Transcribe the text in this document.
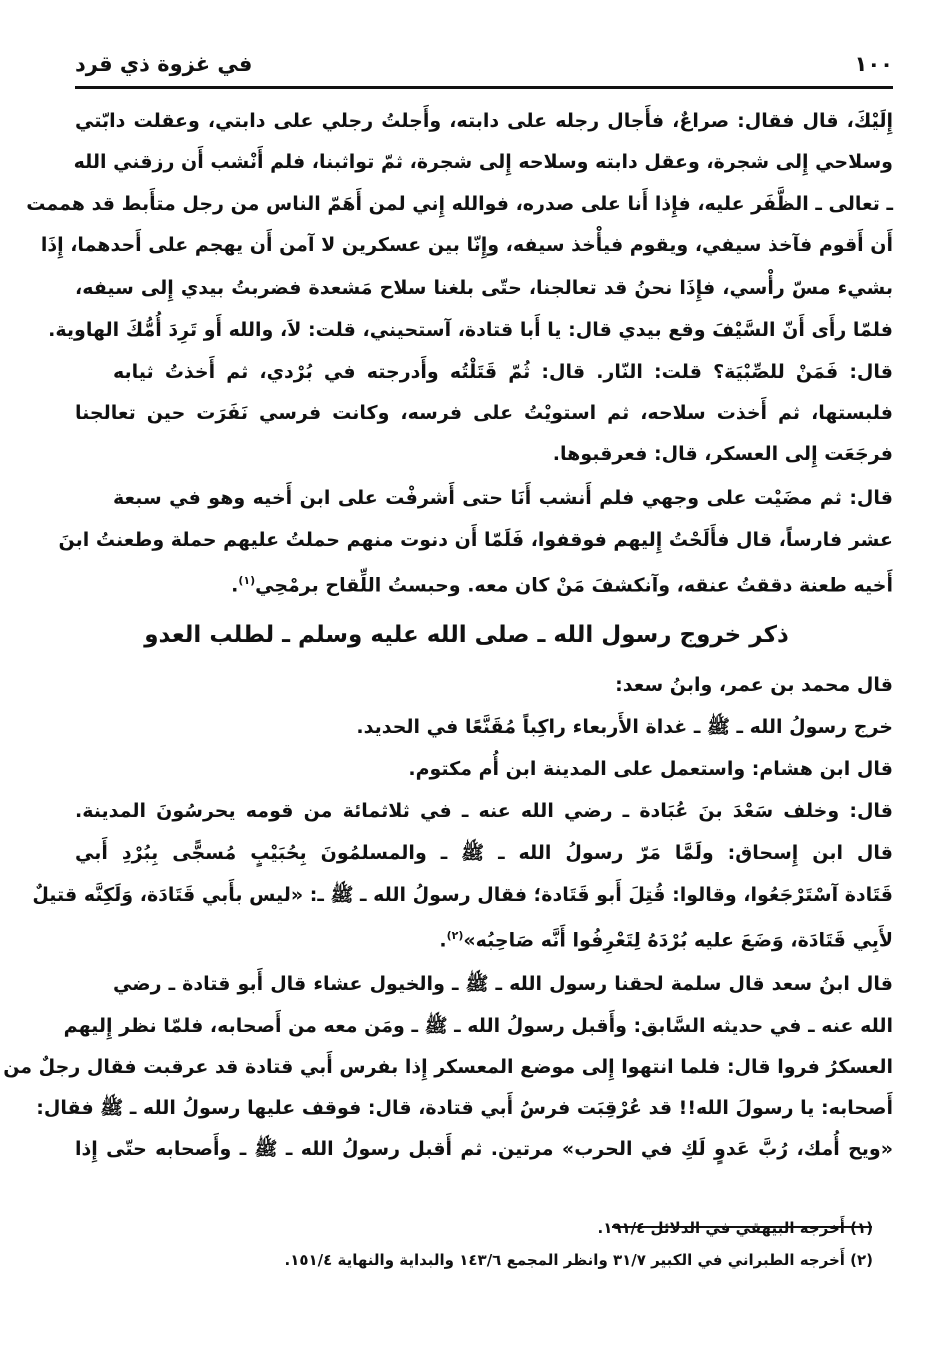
في غزوة ذي قرد	١٠٠
إِلَيْكَ، قال فقال: صراعٌ، فأَجال رجله على دابته، وأَجلتُ رجلي على دابتي، وعقلت دابّتي
وسلاحي إِلى شجرة، وعقل دابته وسلاحه إِلى شجرة، ثمّ تواثبنا، فلم أَنْشب أَن رزقني الله
ـ تعالى ـ الظَّفَر عليه، فإِذا أَنا على صدره، فوالله إِني لمن أَهَمّ الناس من رجل متأَبط قد هممت
أَن أَقوم فآخذ سيفي، ويقوم فيأْخذ سيفه، وإِنّا بين عسكرين لا آمن أَن يهجم على أَحدهما، إِذَا
بشيء مسّ رأْسي، فإِذَا نحنُ قد تعالجنا، حتّى بلغنا سلاح مَشعدة فضربتُ بيدي إِلى سيفه،
فلمّا رأَى أَنّ السَّيْفَ وقع بيدي قال: يا أَبا قتادة، آستحيني، قلت: لاَ، والله أَو تَرِدَ أُمُّكَ الهاوية.
قال: فَمَنْ للصِّبْيَة؟ قلت: النّار. قال: ثُمّ قَتَلْتُه وأَدرجته في بُرْدي، ثم أَخذتُ ثيابه
فلبستها، ثم أَخذت سلاحه، ثم استويْتُ على فرسه، وكانت فرسي نَفَرَت حين تعالجنا
فرجَعَت إِلى العسكر، قال: فعرقبوها.
قال: ثم مضَيْت على وجهي فلم أَنشب أَنَا حتى أَشرفْت على ابن أَخيه وهو في سبعة
عشر فارساً، قال فأَلَحْتُ إِليهم فوقفوا، فَلَمّا أَن دنوت منهم حملتُ عليهم حملة وطعنتُ ابنَ
أَخيه طعنة دققتُ عنقه، وآنكشفَ مَنْ كان معه. وحبستُ اللِّقاح برمْحِي$^{(١)}$.
ذكر خروج رسول الله ـ صلى الله عليه وسلم ـ لطلب العدو
قال محمد بن عمر، وابنُ سعد:
خرج رسولُ الله ـ ﷺ ـ غداة الأَربعاء راكِباً مُقَنَّعًا في الحديد.
قال ابن هشام: واستعمل على المدينة ابن أُم مكتوم.
قال: وخلف سَعْدَ بنَ عُبَادة ـ رضي الله عنه ـ في ثلاثمائة من قومه يحرسُونَ المدينة.
قال ابن إِسحاق: ولَمَّا مَرّ رسولُ الله ـ ﷺ ـ والمسلمُونَ بِحُبَيْبٍ مُسجًّى بِبُرْدِ أَبي
قَتَادة آسْتَرْجَعُوا، وقالوا: قُتِلَ أَبو قَتَادة؛ فقال رسولُ الله ـ ﷺ ـ: «ليس بأَبي قَتَادَة، وَلَكِنَّه قتيلٌ
لأَبِي قَتَادَة، وَضَعَ عليه بُرْدَهُ لِتَعْرِفُوا أَنَّه صَاحِبُه»$^{(٢)}$.
قال ابنُ سعد قال سلمة لحقنا رسول الله ـ ﷺ ـ والخيول عشاء قال أَبو قتادة ـ رضي
الله عنه ـ في حديثه السَّابق: وأَقبل رسولُ الله ـ ﷺ ـ ومَن معه من أَصحابه، فلمّا نظر إِليهم
العسكرُ فروا قال: فلما انتهوا إِلى موضع المعسكر إِذا بفرس أَبي قتادة قد عرقبت فقال رجلٌ من
أَصحابه: يا رسولَ الله!! قد عُرْقِبَت فرسُ أَبي قتادة، قال: فوقف عليها رسولُ الله ـ ﷺ فقال:
«ويح أُمك، رُبَّ عَدوٍ لَكِ في الحرب» مرتين. ثم أَقبل رسولُ الله ـ ﷺ ـ وأَصحابه حتّى إِذا
(١) أَخرجه البيهقي في الدلائل ١٩١/٤.
(٢) أَخرجه الطبراني في الكبير ٣١/٧ وانظر المجمع ١٤٣/٦ والبداية والنهاية ١٥١/٤.
